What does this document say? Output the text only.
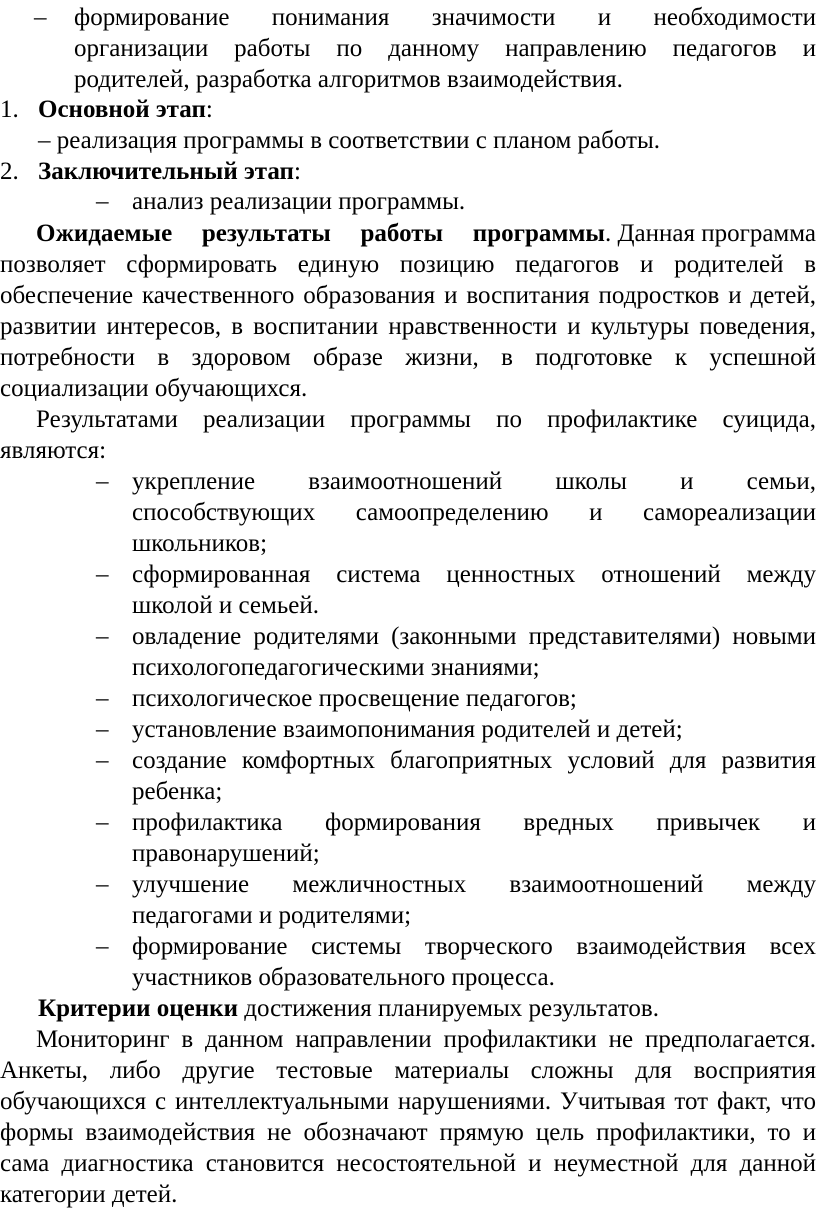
– формирование понимания значимости и необходимости
организации работы по данному направлению педагогов и
родителей, разработка алгоритмов взаимодействия.
1. Основной этап:
– реализация программы в соответствии с планом работы.
2. Заключительный этап:
– анализ реализации программы.
Ожидаемые результаты работы программы . Данная программа
позволяет сформировать единую позицию педагогов и родителей в
обеспечение качественного образования и воспитания подростков и детей,
развитии интересов, в воспитании нравственности и культуры поведения,
потребности в здоровом образе жизни, в подготовке к успешной
социализации обучающихся.
Результатами реализации программы по профилактике суицида,
являются:
– укрепление взаимоотношений школы и семьи,
способствующих самоопределению и самореализации
школьников;
– сформированная система ценностных отношений между
школой и семьей.
– овладение родителями (законными представителями) новыми
психологопедагогическими знаниями;
– психологическое просвещение педагогов;
– установление взаимопонимания родителей и детей;
– создание комфортных благоприятных условий для развития
ребенка;
– профилактика формирования вредных привычек и
правонарушений;
– улучшение межличностных взаимоотношений между
педагогами и родителями;
– формирование системы творческого взаимодействия всех
участников образовательного процесса.
Критерии оценки достижения планируемых результатов.
Мониторинг в данном направлении профилактики не предполагается.
Анкеты, либо другие тестовые материалы сложны для восприятия
обучающихся с интеллектуальными нарушениями. Учитывая тот факт, что
формы взаимодействия не обозначают прямую цель профилактики, то и
сама диагностика становится несостоятельной и неуместной для данной
категории детей.
